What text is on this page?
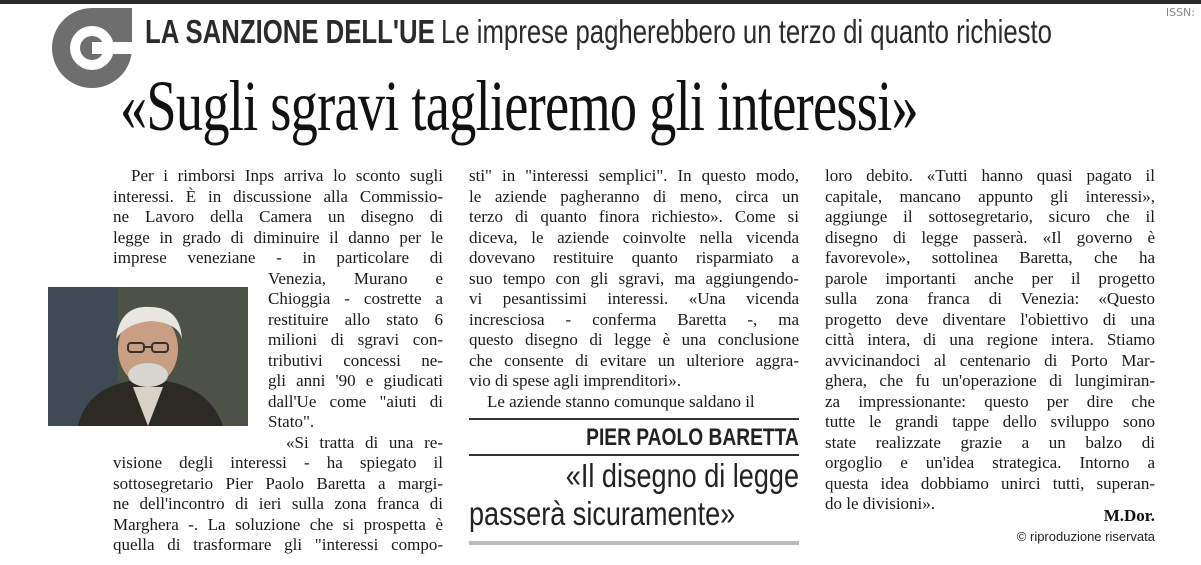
ISSN:
LA SANZIONE DELL'UE Le imprese pagherebbero un terzo di quanto richiesto
«Sugli sgravi taglieremo gli interessi»

Per i rimborsi Inps arriva lo sconto sugli

interessi. È in discussione alla Commissio-

ne Lavoro della Camera un disegno di

legge in grado di diminuire il danno per le

imprese veneziane - in particolare di

Venezia, Murano e

Chioggia - costrette a

restituire allo stato 6

milioni di sgravi con-

tributivi concessi ne-

gli anni '90 e giudicati

dall'Ue come "aiuti di

Stato".

«Si tratta di una re-

visione degli interessi - ha spiegato il

sottosegretario Pier Paolo Baretta a margi-

ne dell'incontro di ieri sulla zona franca di

Marghera -. La soluzione che si prospetta è

quella di trasformare gli "interessi compo-

sti" in "interessi semplici". In questo modo,

le aziende pagheranno di meno, circa un

terzo di quanto finora richiesto». Come si

diceva, le aziende coinvolte nella vicenda

dovevano restituire quanto risparmiato a

suo tempo con gli sgravi, ma aggiungendo-

vi pesantissimi interessi. «Una vicenda

incresciosa - conferma Baretta -, ma

questo disegno di legge è una conclusione

che consente di evitare un ulteriore aggra-

vio di spese agli imprenditori».

Le aziende stanno comunque saldano il

PIER PAOLO BARETTA
«Il disegno di legge
passerà sicuramente»

loro debito. «Tutti hanno quasi pagato il

capitale, mancano appunto gli interessi»,

aggiunge il sottosegretario, sicuro che il

disegno di legge passerà. «Il governo è

favorevole», sottolinea Baretta, che ha

parole importanti anche per il progetto

sulla zona franca di Venezia: «Questo

progetto deve diventare l'obiettivo di una

città intera, di una regione intera. Stiamo

avvicinandoci al centenario di Porto Mar-

ghera, che fu un'operazione di lungimiran-

za impressionante: questo per dire che

tutte le grandi tappe dello sviluppo sono

state realizzate grazie a un balzo di

orgoglio e un'idea strategica. Intorno a

questa idea dobbiamo unirci tutti, superan-

do le divisioni».

M.Dor.
© riproduzione riservata
